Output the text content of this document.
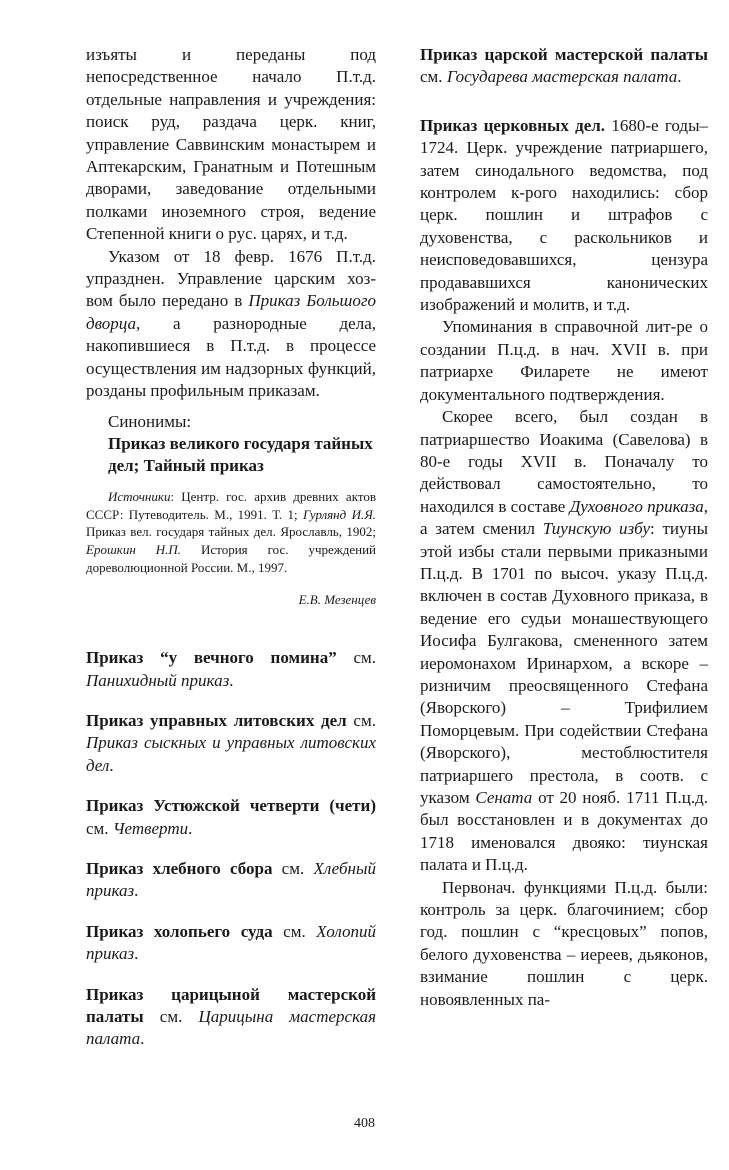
изъяты и переданы под непосредственное начало П.т.д. отдельные направления и учреждения: поиск руд, раздача церк. книг, управление Саввинским монастырем и Аптекарским, Гранатным и Потешным дворами, заведование отдельными полками иноземного строя, ведение Степенной книги о рус. царях, и т.д.

Указом от 18 февр. 1676 П.т.д. упразднен. Управление царским хоз-вом было передано в Приказ Большого дворца, а разнородные дела, накопившиеся в П.т.д. в процессе осуществления им надзорных функций, розданы профильным приказам.

Синонимы:

Приказ великого государя тайных дел; Тайный приказ

Источники: Центр. гос. архив древних актов СССР: Путеводитель. М., 1991. Т. 1; Гурлянд И.Я. Приказ вел. государя тайных дел. Ярославль, 1902; Ерошкин Н.П. История гос. учреждений дореволюционной России. М., 1997.

Е.В. Мезенцев

Приказ “у вечного помина” см. Панихидный приказ.

Приказ управных литовских дел см. Приказ сыскных и управных литовских дел.

Приказ Устюжской четверти (чети) см. Четверти.

Приказ хлебного сбора см. Хлебный приказ.

Приказ холопьего суда см. Холопий приказ.

Приказ царицыной мастерской палаты см. Царицына мастерская палата.

Приказ царской мастерской палаты см. Государева мастерская палата.

Приказ церковных дел. 1680-е годы–1724. Церк. учреждение патриаршего, затем синодального ведомства, под контролем к-рого находились: сбор церк. пошлин и штрафов с духовенства, с раскольников и неисповедовавшихся, цензура продававшихся канонических изображений и молитв, и т.д.

Упоминания в справочной лит-ре о создании П.ц.д. в нач. XVII в. при патриархе Филарете не имеют документального подтверждения.

Скорее всего, был создан в патриаршество Иоакима (Савелова) в 80-е годы XVII в. Поначалу то действовал самостоятельно, то находился в составе Духовного приказа, а затем сменил Тиунскую избу: тиуны этой избы стали первыми приказными П.ц.д. В 1701 по высоч. указу П.ц.д. включен в состав Духовного приказа, в ведение его судьи монашествующего Иосифа Булгакова, смененного затем иеромонахом Иринархом, а вскоре – ризничим преосвященного Стефана (Яворского) – Трифилием Поморцевым. При содействии Стефана (Яворского), местоблюстителя патриаршего престола, в соотв. с указом Сената от 20 нояб. 1711 П.ц.д. был восстановлен и в документах до 1718 именовался двояко: тиунская палата и П.ц.д.

Первонач. функциями П.ц.д. были: контроль за церк. благочинием; сбор год. пошлин с “кресцовых” попов, белого духовенства – иереев, дьяконов, взимание пошлин с церк. новоявленных па-

408
